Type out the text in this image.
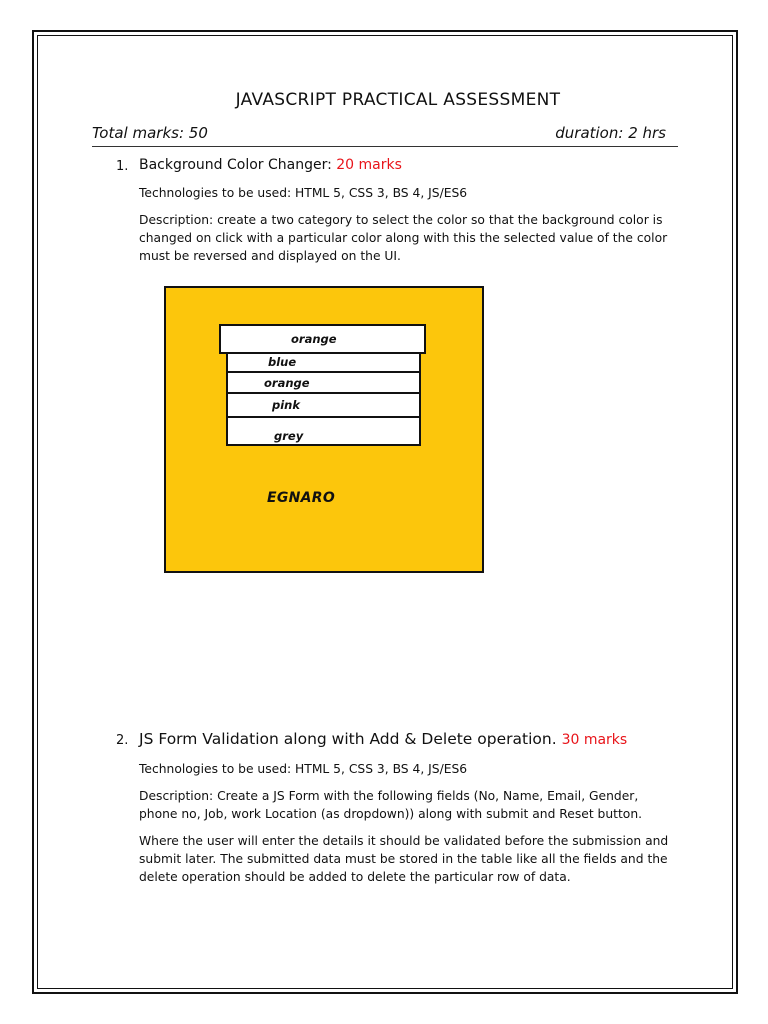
JAVASCRIPT PRACTICAL ASSESSMENT
Total marks: 50	duration: 2 hrs
1. Background Color Changer: 20 marks
Technologies to be used: HTML 5, CSS 3, BS 4, JS/ES6
Description: create a two category to select the color so that the background color is changed on click with a particular color along with this the selected value of the color must be reversed and displayed on the UI.
orange
blue
orange
pink
grey
EGNARO
2. JS Form Validation along with Add & Delete operation. 30 marks
Technologies to be used: HTML 5, CSS 3, BS 4, JS/ES6
Description: Create a JS Form with the following fields (No, Name, Email, Gender, phone no, Job, work Location (as dropdown)) along with submit and Reset button.
Where the user will enter the details it should be validated before the submission and submit later. The submitted data must be stored in the table like all the fields and the delete operation should be added to delete the particular row of data.
